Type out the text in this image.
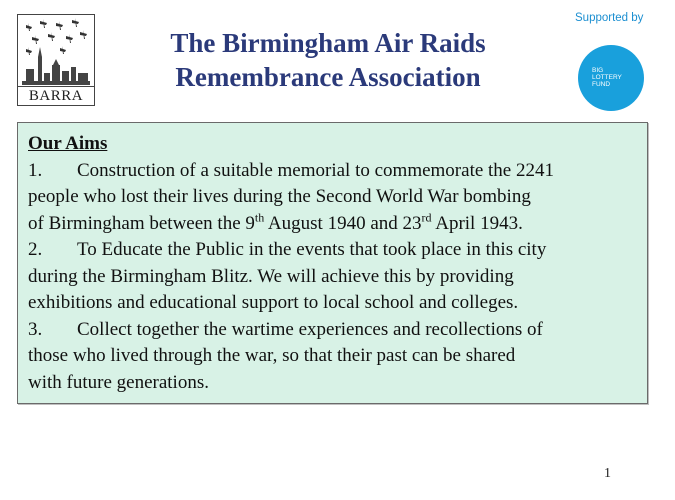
BARRA
The Birmingham Air Raids
Remembrance Association
Supported by
BIG
LOTTERY
FUND
Our Aims
1. Construction of a suitable memorial to commemorate the 2241
people who lost their lives during the Second World War bombing
of Birmingham between the 9th August 1940 and 23rd April 1943.
2. To Educate the Public in the events that took place in this city
during the Birmingham Blitz. We will achieve this by providing
exhibitions and educational support to local school and colleges.
3. Collect together the wartime experiences and recollections of
those who lived through the war, so that their past can be shared
with future generations.
1
